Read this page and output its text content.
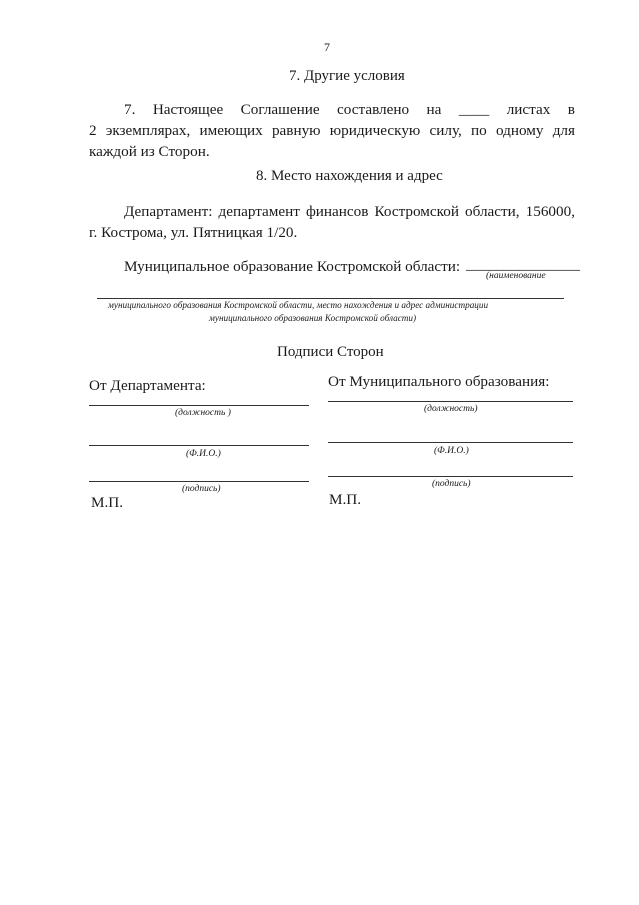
7
7. Другие условия
7. Настоящее Соглашение составлено на ____ листах в
2 экземплярах, имеющих равную юридическую силу, по одному для
каждой из Сторон.
8. Место нахождения и адрес
Департамент: департамент финансов Костромской области, 156000,
г. Кострома, ул. Пятницкая 1/20.
Муниципальное образование Костромской области: _______________
(наименование
муниципального образования Костромской области, место нахождения и адрес администрации
муниципального образования Костромской области)
Подписи Сторон
От Департамента:
(должность )
(Ф.И.О.)
(подпись)
М.П.
От Муниципального образования:
(должность)
(Ф.И.О.)
(подпись)
М.П.
